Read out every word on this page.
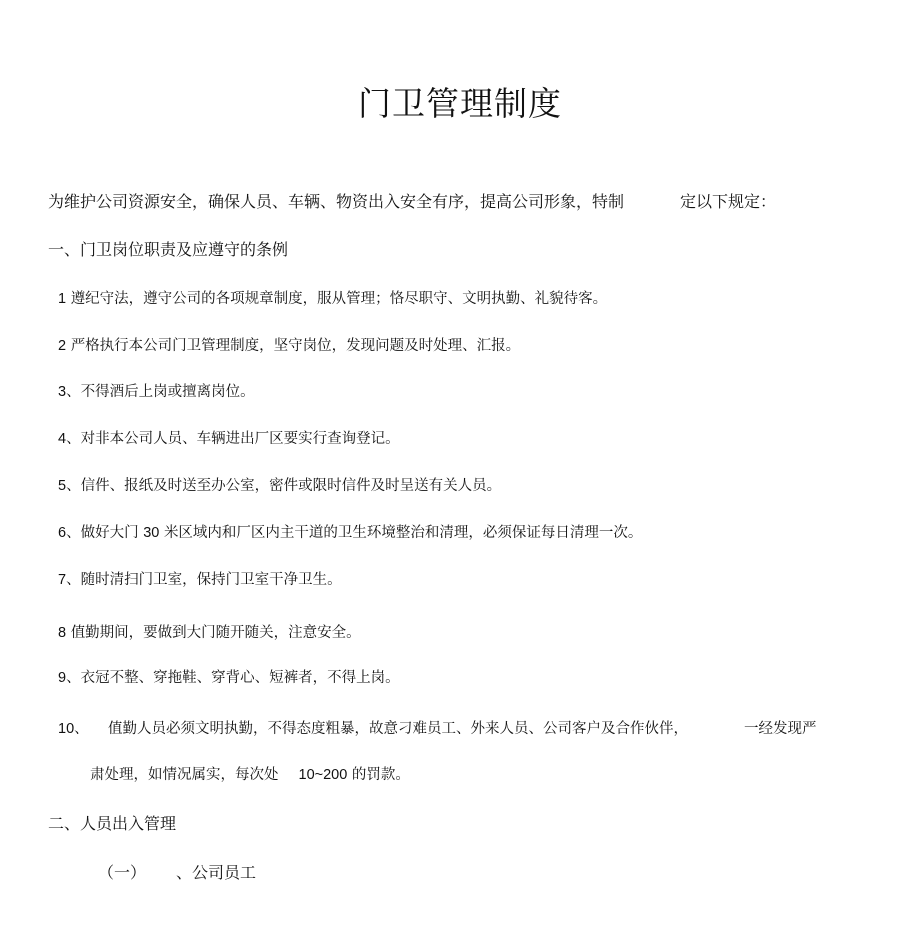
门卫管理制度
为维护公司资源安全，确保人员、车辆、物资出入安全有序，提高公司形象，特制	定以下规定：
一、门卫岗位职责及应遵守的条例
1 遵纪守法，遵守公司的各项规章制度，服从管理；恪尽职守、文明执勤、礼貌待客。
2 严格执行本公司门卫管理制度，坚守岗位，发现问题及时处理、汇报。
3、不得酒后上岗或擅离岗位。
4、对非本公司人员、车辆进出厂区要实行查询登记。
5、信件、报纸及时送至办公室，密件或限时信件及时呈送有关人员。
6、做好大门 30 米区域内和厂区内主干道的卫生环境整治和清理，必须保证每日清理一次。
7、随时清扫门卫室，保持门卫室干净卫生。
8 值勤期间，要做到大门随开随关，注意安全。
9、衣冠不整、穿拖鞋、穿背心、短裤者，不得上岗。
10、 值勤人员必须文明执勤，不得态度粗暴，故意刁难员工、外来人员、公司客户及合作伙伴，	一经发现严
肃处理，如情况属实，每次处 10~200 的罚款。
二、人员出入管理
（一） 、公司员工
